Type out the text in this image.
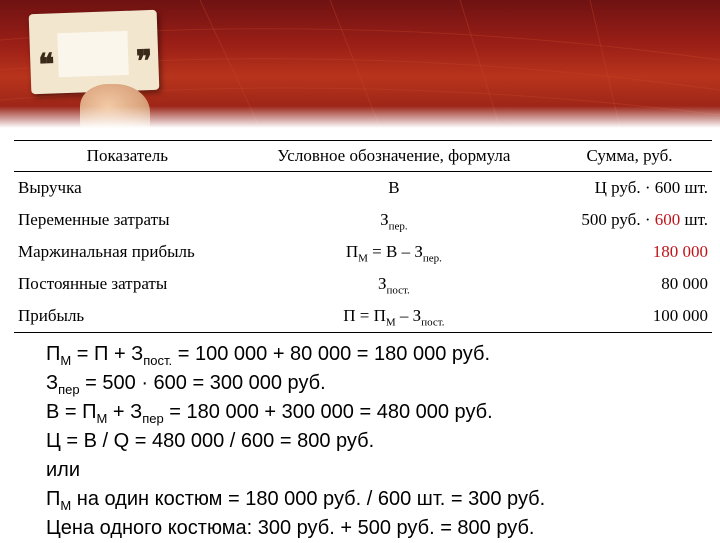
❝	❞
Показатель	Условное обозначение, формула	Сумма, руб.
Выручка	В	Ц руб. · 600 шт.
Переменные затраты	$З_{пер.}$	500 руб. · 600 шт.
Маржинальная прибыль	$П_М = В - З_{пер.}$	180 000
Постоянные затраты	$З_{пост.}$	80 000
Прибыль	$П = П_М - З_{пост.}$	100 000
$П_М = П + З_{пост.} = 100$ 000 + 80 000 = 180 000 руб.
$З_{пер} = 500 \cdot 600 = 300$ 000 руб.
$В = П_М + З_{пер} = 180$ 000 + 300 000 = 480 000 руб.
Ц = В / Q = 480 000 / 600 = 800 руб.
или
$П_М$ на один костюм = 180 000 руб. / 600 шт. = 300 руб.
Цена одного костюма: 300 руб. + 500 руб. = 800 руб.
